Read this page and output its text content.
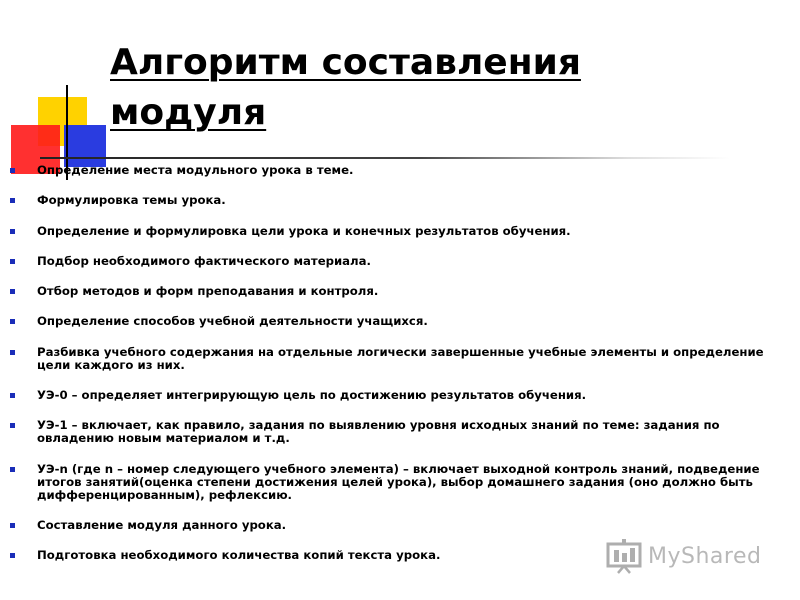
Алгоритм составления модуля
Определение места модульного урока в теме.
Формулировка темы урока.
Определение и формулировка цели урока и конечных результатов обучения.
Подбор необходимого фактического материала.
Отбор методов и форм преподавания и контроля.
Определение способов учебной деятельности учащихся.
Разбивка учебного содержания на отдельные логически завершенные учебные элементы и определение цели каждого из них.
УЭ-0 – определяет интегрирующую цель по достижению результатов обучения.
УЭ-1 – включает, как правило, задания по выявлению уровня исходных знаний по теме: задания по овладению новым материалом и т.д.
УЭ-n (где n – номер следующего учебного элемента) – включает выходной контроль знаний, подведение итогов занятий(оценка степени достижения целей урока), выбор домашнего задания (оно должно быть дифференцированным), рефлексию.
Составление модуля данного урока.
Подготовка необходимого количества копий текста урока.	MyShared
